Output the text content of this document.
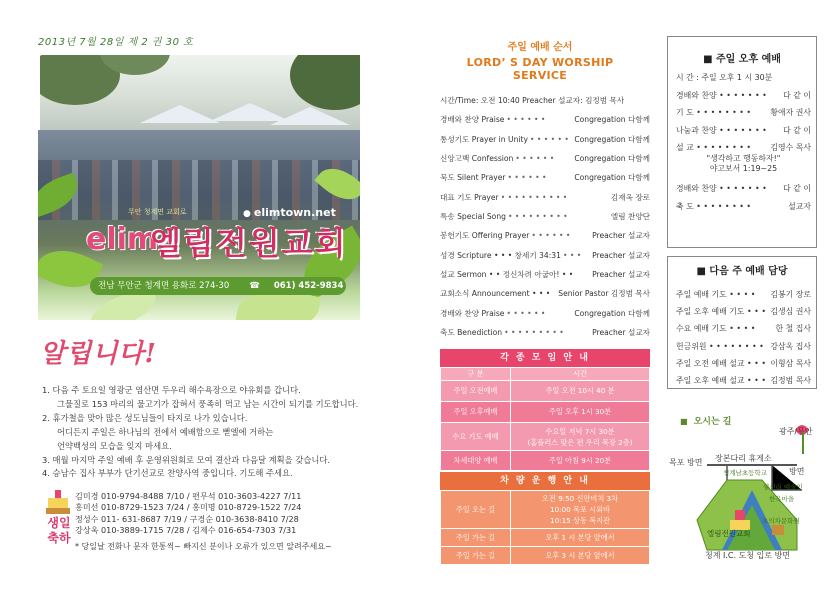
2013년 7월 28일 제 2 권 30 호
무안 청계면 교회로	● elimtown.net
elim
엘림전원교회
전남 무안군 청계면 용화로 274-30 ☎ 061) 452-9834
알립니다!
1. 다음 주 토요일 영광군 염산면 두우리 해수욕장으로 야유회를 갑니다.
그물질로 153 마리의 물고기가 잡혀서 풍족히 먹고 남는 시간이 되기를 기도합니다.
2. 휴가철을 맞아 많은 성도님들이 타지로 나가 있습니다.
어디든지 주일은 하나님의 전에서 예배함으로 뻗엘에 거하는
언약백성의 모습을 잊지 마세요.
3. 매월 마지막 주일 예배 후 운영위원회로 모여 결산과 다음달 계획을 갖습니다.
4. 승남수 집사 부부가 단기선교로 찬양사역 중입니다. 기도해 주세요.
생일
축하
김미경 010-9794-8488 7/10 / 편무석 010-3603-4227 7/11
홍미선 010-8729-1523 7/24 / 홍미명 010-8729-1522 7/24
정성수 011- 631-8687 7/19 / 구경순 010-3638-8410 7/28
강상옥 010-3889-1715 7/28 / 김제수 016-654-7303 7/31
* 당일날 전화나 문자 한통씩~ 빠지신 분이나 오류가 있으면 알려주세요~
주일 예배 순서
LORD’ S DAY WORSHIP SERVICE
시간/Time: 오전 10:40 Preacher 설교자: 김정범 목사
경배와 찬양 Praise • • • • • •	Congregation 다함께
통성기도 Prayer in Unity • • • • • • Congregation 다함께
신앙고백 Confession • • • • • •	Congregation 다함께
묵도 Silent Prayer • • • • • •	Congregation 다함께
대표 기도 Prayer • • • • • • • • • •	김재옥 장로
특송 Special Song • • • • • • • • •	엘림 찬양단
봉헌기도 Offering Prayer • • • • • •	Preacher 설교자
성경 Scripture • • • 창세기 34:31 • • •	Preacher 설교자
설교 Sermon • • 정신차려 아굽아! • • Preacher 설교자
교회소식 Announcement • • • Senior Pastor 김정범 목사
경배와 찬양 Praise • • • • • •	Congregation 다함께
축도 Benediction • • • • • • • • •	Preacher 설교자
각 종 모 임 안 내
구 분	시간
주일 오전예배	주일 오전 10시 40 분
주일 오후예배	주일 오후 1시 30분
수요 기도 예배	수요일 저녁 7시 30분
(홈플러스 맞은 편 우리 목장 2층)

차세대양 예배	주일 아침 9시 20분
차 량 운 행 안 내
주일 오는 길	오전 9:50 신안비치 3차
10:00 목포 시외바
10:15 상동 복지관

주일 가는 길	오후 1 시 본당 앞에서
주일 가는 길	오후 3 시 본당 앞에서
■ 주일 오후 예배
시 간 : 주일 오후 1 시 30분
경배와 찬양 • • • • • • • 다 같 이
기 도 • • • • • • • • 황애자 권사
나눔과 찬양 • • • • • • • 다 같 이
설 교 • • • • • • • • 김영수 목사
"생각하고 행동하자!"
야고보서 1:19~25
경배와 찬양 • • • • • • • 다 같 이
축 도 • • • • • • • •	설교자
■ 다음 주 예배 담당
주일 예배 기도 • • • • 김봉기 장로
주일 오후 예배 기도 • • • 김생심 권사
수요 예배 기도 • • • •	한 철 집사
헌금위원 • • • • • • • • 강삼옥 집사
주일 오전 예배 설교 • • • 이형삼 목사
주일 오후 예배 설교 • • • 김정범 목사
광주/무안
방면
목포 방면 장본다리 휴게소
청계남초등학교
월선리 예술인
한옥마을
엘림전원교회
초의차문화원
청계 I.C. 도청 입로 방면
■ 오시는 길
